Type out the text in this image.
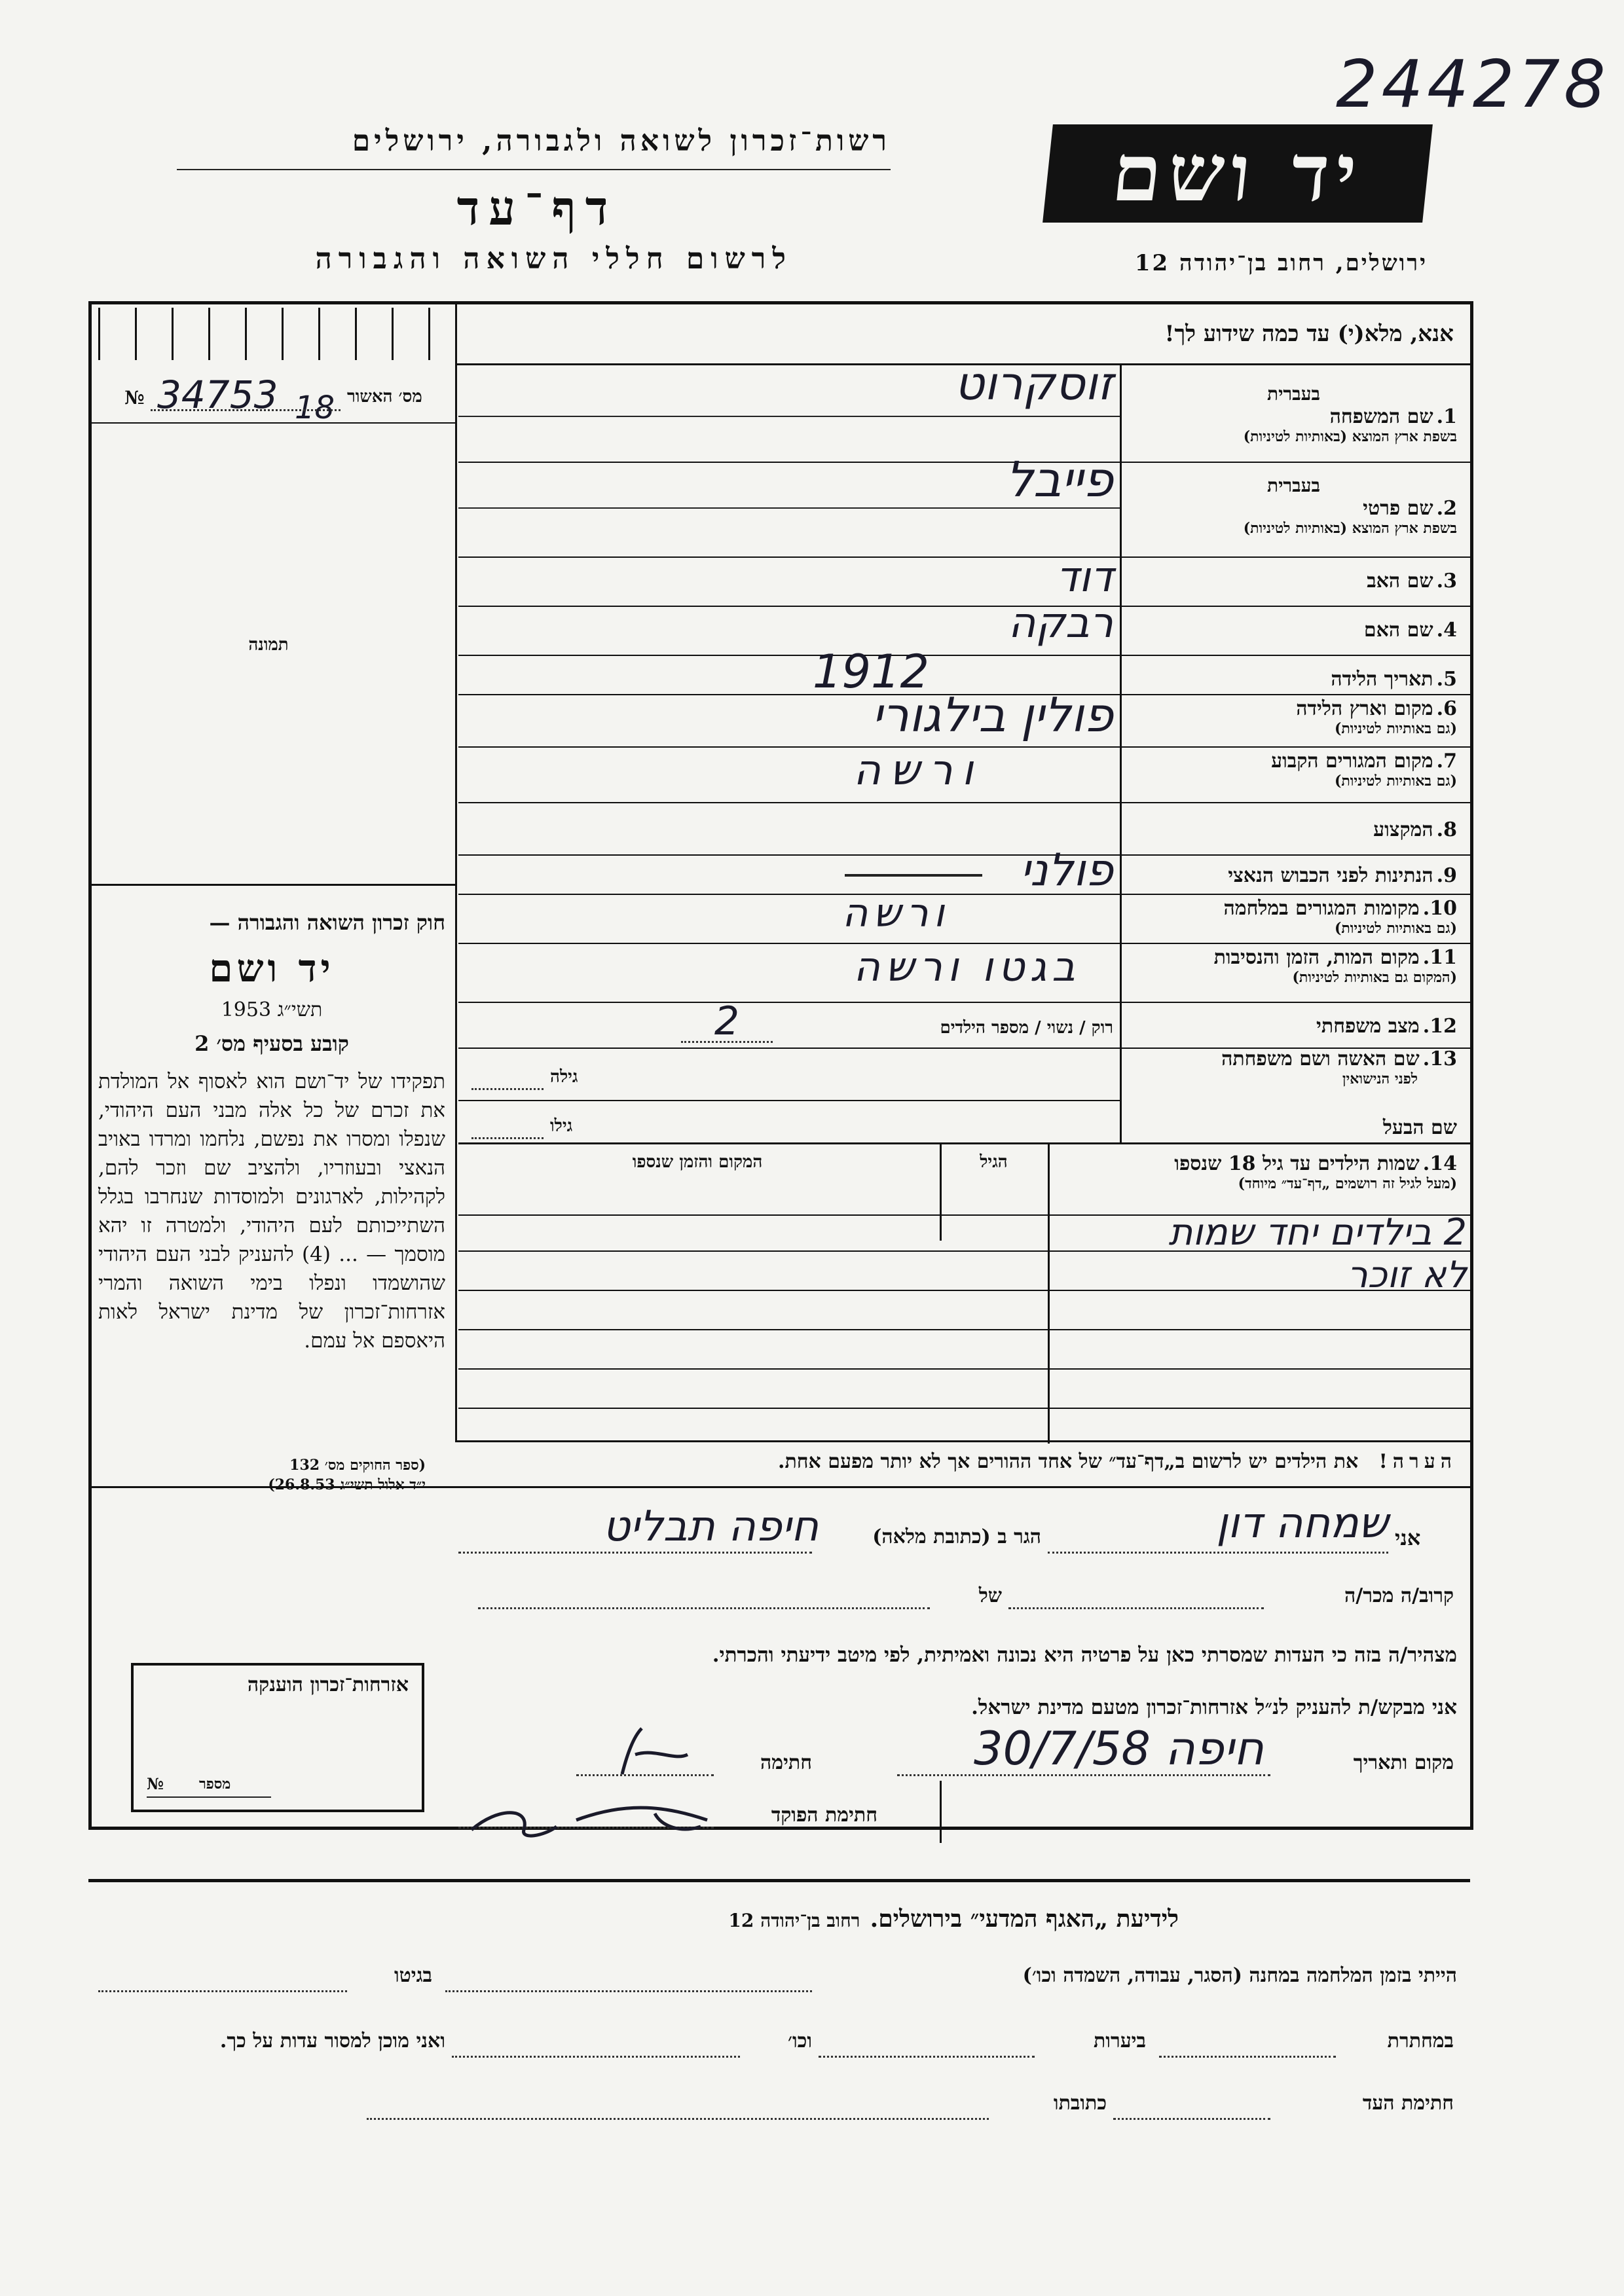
244278
רשות־זכרון לשואה ולגבורה, ירושלים
דף־עד
לרשום חללי השואה והגבורה
יד ושם
ירושלים, רחוב בן־יהודה 12
אנא, מלא(י) עד כמה שידוע לך!
№ 34753 18 מס׳ האשור
תמונה
חוק זכרון השואה והגבורה —
יד ושם
תשי״ג 1953
קובע בסעיף מס׳ 2
תפקידו של יד־ושם הוא לאסוף אל המולדת את זכרם של כל אלה מבני העם היהודי, שנפלו ומסרו את נפשם, נלחמו ומרדו באויב הנאצי ובעוזריו, ולהציב שם וזכר להם, לקהילות, לארגונים ולמוסדות שנחרבו בגלל השתייכותם לעם היהודי, ולמטרה זו יהא מוסמך — ... (4) להעניק לבני העם היהודי שהושמדו ונפלו בימי השואה והמרי אזרחות־זכרון של מדינת ישראל לאות היאספם אל עמם.
(ספר החוקים מס׳ 132
י״ד אלול תשי״ג 26.8.53)
בעברית
1. שם המשפחה
בשפת ארץ המוצא (באותיות לטיניות)
זוסקרוט
בעברית
2. שם פרטי
בשפת ארץ המוצא (באותיות לטיניות)
פייבל
3. שם האב
דוד
4. שם האם
רבקה
5. תאריך הלידה
1912
6. מקום וארץ הלידה
(גם באותיות לטיניות)
פולין בילגורי
7. מקום המגורים הקבוע
(גם באותיות לטיניות)
ורשה
8. המקצוע
9. הנתינות לפני הכבוש הנאצי
פולני
10. מקומות המגורים במלחמה
(גם באותיות לטיניות)
ורשה
11. מקום המות, הזמן והנסיבות
(המקום גם באותיות לטיניות)
בגטו ורשה
12. מצב משפחתי
רוק / נשוי / מספר הילדים
2
13. שם האשה ושם משפחתה
לפני הנישואין
גילה
שם הבעל
גילו
14. שמות הילדים עד גיל 18 שנספו
(מעל לגיל זה רושמים „דף־עד״ מיוחד)
הגיל
המקום והזמן שנספו
2 בילדים יחד שמות
לא זוכר
הערה!   את הילדים יש לרשום ב„דף־עד״ של אחד ההורים אך לא יותר מפעם אחת.
אני
שמחה דון
הגר ב (כתובת מלאה)
חיפה תבליט
קרוב/ה מכר/ה
של
מצהיר/ה בזה כי העדות שמסרתי כאן על פרטיה היא נכונה ואמיתית, לפי מיטב ידיעתי והכרתי.
אני מבקש/ת להעניק לנ״ל אזרחות־זכרון מטעם מדינת ישראל.
מקום ותאריך
חיפה 30/7/58
חתימה
חתימת הפוקד
אזרחות־זכרון הוענקה
№ מספר
לידיעת „האגף המדעי״ בירושלים.   רחוב בן־יהודה 12
הייתי בזמן המלחמה במחנה (הסגר, עבודה, השמדה וכו׳)
בגיטו
במחתרת
ביערות
וכו׳
ואני מוכן למסור עדות על כך.
חתימת העד
כתובתו
